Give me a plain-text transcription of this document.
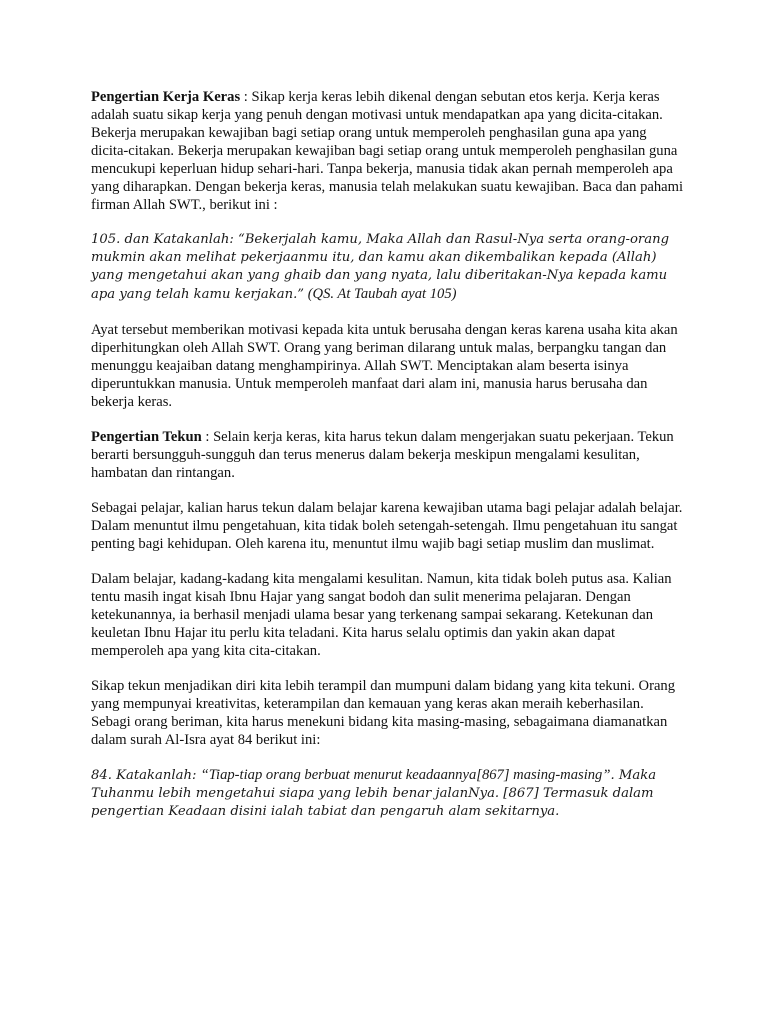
Pengertian Kerja Keras : Sikap kerja keras lebih dikenal dengan sebutan etos kerja. Kerja keras adalah suatu sikap kerja yang penuh dengan motivasi untuk mendapatkan apa yang dicita-citakan. Bekerja merupakan kewajiban bagi setiap orang untuk memperoleh penghasilan guna apa yang dicita-citakan. Bekerja merupakan kewajiban bagi setiap orang untuk memperoleh penghasilan guna mencukupi keperluan hidup sehari-hari. Tanpa bekerja, manusia tidak akan pernah memperoleh apa yang diharapkan. Dengan bekerja keras, manusia telah melakukan suatu kewajiban. Baca dan pahami firman Allah SWT., berikut ini :

105. dan Katakanlah: “Bekerjalah kamu, Maka Allah dan Rasul-Nya serta orang-orang mukmin akan melihat pekerjaanmu itu, dan kamu akan dikembalikan kepada (Allah) yang mengetahui akan yang ghaib dan yang nyata, lalu diberitakan-Nya kepada kamu apa yang telah kamu kerjakan.” (QS. At Taubah ayat 105)

Ayat tersebut memberikan motivasi kepada kita untuk berusaha dengan keras karena usaha kita akan diperhitungkan oleh Allah SWT. Orang yang beriman dilarang untuk malas, berpangku tangan dan menunggu keajaiban datang menghampirinya. Allah SWT. Menciptakan alam beserta isinya diperuntukkan manusia. Untuk memperoleh manfaat dari alam ini, manusia harus berusaha dan bekerja keras.

Pengertian Tekun : Selain kerja keras, kita harus tekun dalam mengerjakan suatu pekerjaan. Tekun berarti bersungguh-sungguh dan terus menerus dalam bekerja meskipun mengalami kesulitan, hambatan dan rintangan.

Sebagai pelajar, kalian harus tekun dalam belajar karena kewajiban utama bagi pelajar adalah belajar. Dalam menuntut ilmu pengetahuan, kita tidak boleh setengah-setengah. Ilmu pengetahuan itu sangat penting bagi kehidupan. Oleh karena itu, menuntut ilmu wajib bagi setiap muslim dan muslimat.

Dalam belajar, kadang-kadang kita mengalami kesulitan. Namun, kita tidak boleh putus asa. Kalian tentu masih ingat kisah Ibnu Hajar yang sangat bodoh dan sulit menerima pelajaran. Dengan ketekunannya, ia berhasil menjadi ulama besar yang terkenang sampai sekarang. Ketekunan dan keuletan Ibnu Hajar itu perlu kita teladani. Kita harus selalu optimis dan yakin akan dapat memperoleh apa yang kita cita-citakan.

Sikap tekun menjadikan diri kita lebih terampil dan mumpuni dalam bidang yang kita tekuni. Orang yang mempunyai kreativitas, keterampilan dan kemauan yang keras akan meraih keberhasilan. Sebagi orang beriman, kita harus menekuni bidang kita masing-masing, sebagaimana diamanatkan dalam surah Al-Isra ayat 84 berikut ini:

84. Katakanlah: “Tiap-tiap orang berbuat menurut keadaannya[867] masing-masing”. Maka Tuhanmu lebih mengetahui siapa yang lebih benar jalanNya. [867] Termasuk dalam pengertian Keadaan disini ialah tabiat dan pengaruh alam sekitarnya.
